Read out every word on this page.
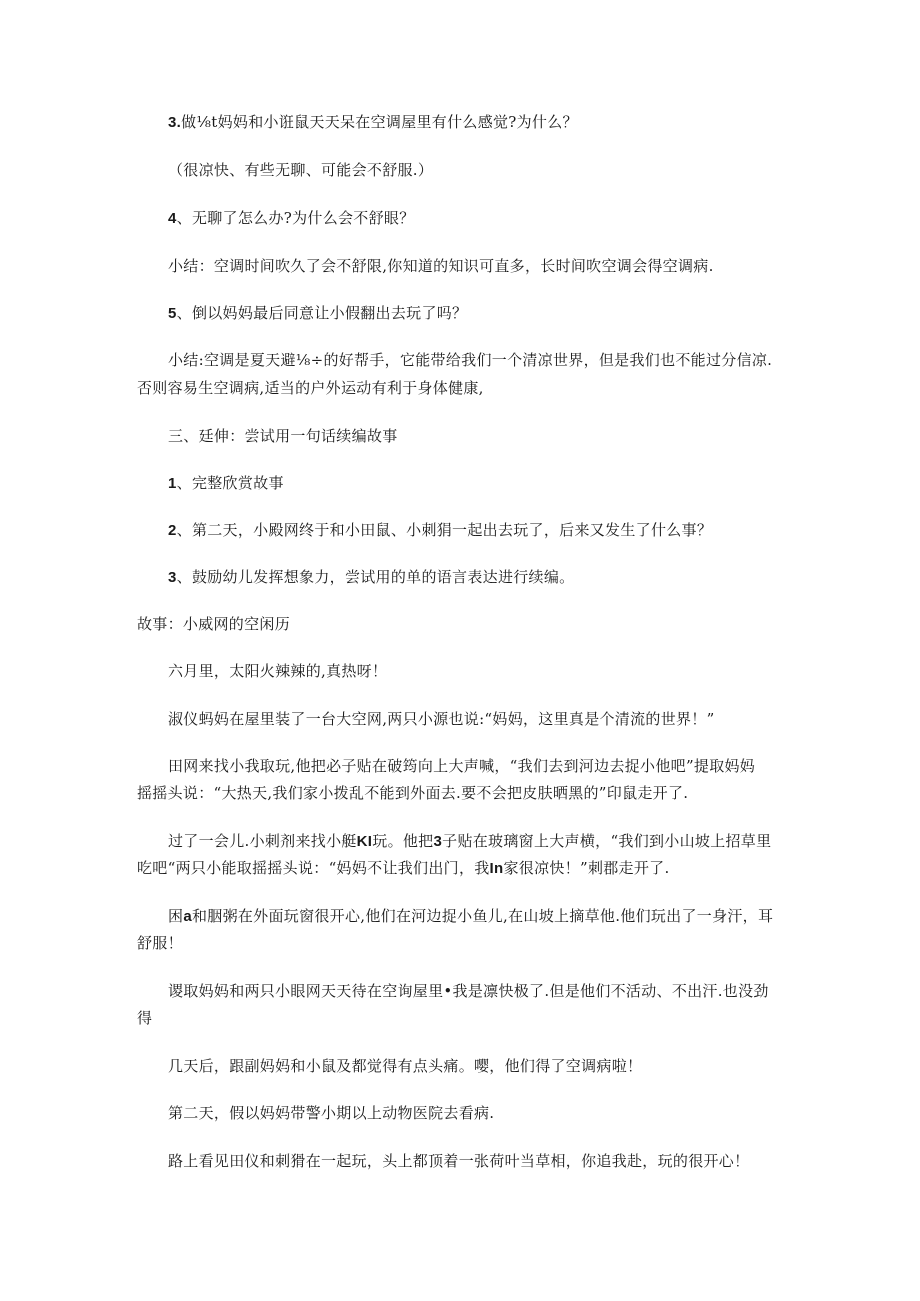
3.做⅛t妈妈和小诳鼠天天呆在空调屋里有什么感觉?为什么？
（很凉快、有些无聊、可能会不舒服.）
4、无聊了怎么办?为什么会不舒眼？
小结：空调时间吹久了会不舒限,你知道的知识可直多，长时间吹空调会得空调病.
5、倒以妈妈最后同意让小假翻出去玩了吗？
小结:空调是夏天避⅛÷的好帮手，它能带给我们一个清凉世界，但是我们也不能过分信凉.
否则容易生空调病,适当的户外运动有利于身体健康,
三、廷伸：尝试用一句话续编故事
1、完整欣赏故事
2、第二天，小殿网终于和小田鼠、小刺狷一起出去玩了，后来又发生了什么事？
3、鼓励幼儿发挥想象力，尝试用的单的语言表达进行续编。
故事：小威网的空闲历
六月里，太阳火辣辣的,真热呀！
淑仪蚂妈在屋里装了一台大空网,两只小源也说:“妈妈，这里真是个清流的世界！”
田网来找小我取玩,他把必子贴在破筠向上大声喊，“我们去到河边去捉小他吧”提取妈妈
摇摇头说：“大热天,我们家小拨乱不能到外面去.要不会把皮肤晒黑的”印鼠走开了.
过了一会儿.小刺剂来找小艇KI玩。他把3子贴在玻璃窗上大声横，“我们到小山坡上招草里
吃吧“两只小能取摇摇头说：“妈妈不让我们出门，我In家很凉快！”刺郡走开了.
困a和胭粥在外面玩窗很开心,他们在河边捉小鱼儿,在山坡上摘草他.他们玩出了一身汗，耳
舒服！
谡取妈妈和两只小眼网天天待在空询屋里•我是凛快极了.但是他们不活动、不出汗.也没劲
得
几天后，跟副妈妈和小鼠及都觉得有点头痛。嘤，他们得了空调病啦！
第二天，假以妈妈带警小期以上动物医院去看病.
路上看见田仪和刺猾在一起玩，头上都顶着一张荷叶当草相，你追我赴，玩的很开心！
